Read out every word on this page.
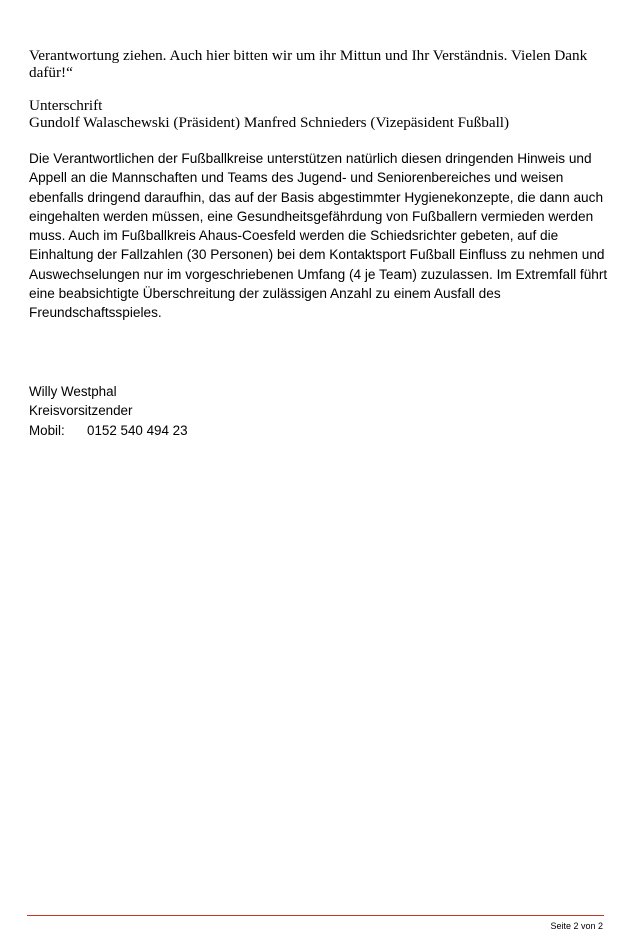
Verantwortung ziehen. Auch hier bitten wir um ihr Mittun und Ihr Verständnis. Vielen Dank dafür!“

Unterschrift
Gundolf Walaschewski (Präsident) Manfred Schnieders (Vizepäsident Fußball)

Die Verantwortlichen der Fußballkreise unterstützen natürlich diesen dringenden Hinweis und Appell an die Mannschaften und Teams des Jugend- und Seniorenbereiches und weisen ebenfalls dringend daraufhin, das auf der Basis abgestimmter Hygienekonzepte, die dann auch eingehalten werden müssen, eine Gesundheitsgefährdung von Fußballern vermieden werden muss. Auch im Fußballkreis Ahaus-Coesfeld werden die Schiedsrichter gebeten, auf die Einhaltung der Fallzahlen (30 Personen) bei dem Kontaktsport Fußball Einfluss zu nehmen und Auswechselungen nur im vorgeschriebenen Umfang (4 je Team) zuzulassen. Im Extremfall führt eine beabsichtigte Überschreitung der zulässigen Anzahl zu einem Ausfall des Freundschaftsspieles.

Willy Westphal
Kreisvorsitzender
Mobil: 0152 540 494 23
Seite 2 von 2
